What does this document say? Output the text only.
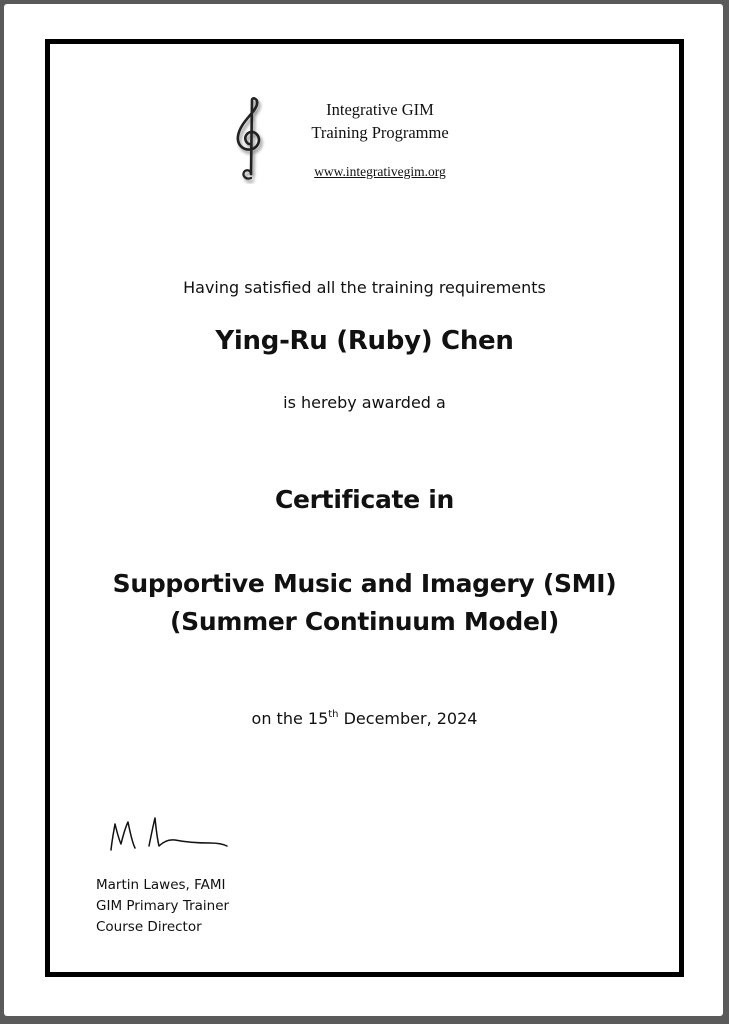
Integrative GIM
Training Programme
www.integrativegim.org
Having satisfied all the training requirements
Ying-Ru (Ruby) Chen
is hereby awarded a
Certificate in
Supportive Music and Imagery (SMI)
(Summer Continuum Model)
on the 15th December, 2024
Martin Lawes, FAMI
GIM Primary Trainer
Course Director
